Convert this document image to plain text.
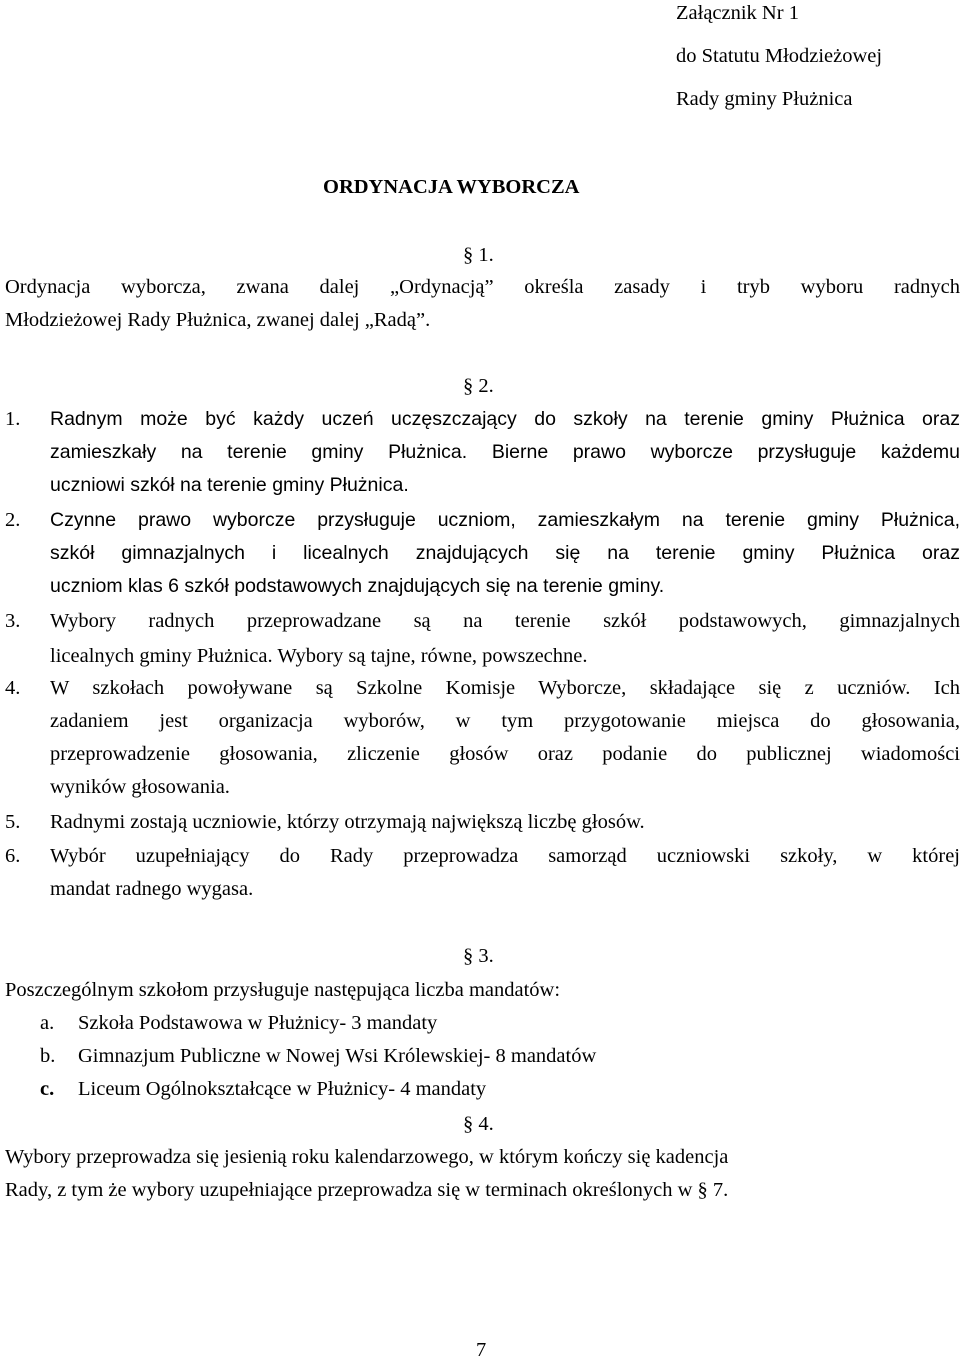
Załącznik Nr 1
do Statutu Młodzieżowej
Rady gminy Płużnica
ORDYNACJA WYBORCZA
§ 1.
Ordynacja wyborcza, zwana dalej „Ordynacją” określa zasady i tryb wyboru radnych
Młodzieżowej Rady Płużnica, zwanej dalej „Radą”.
§ 2.
1. Radnym może być każdy uczeń uczęszczający do szkoły na terenie gminy Płużnica oraz
zamieszkały na terenie gminy Płużnica. Bierne prawo wyborcze przysługuje każdemu
uczniowi szkół na terenie gminy Płużnica.
2. Czynne prawo wyborcze przysługuje uczniom, zamieszkałym na terenie gminy Płużnica,
szkół gimnazjalnych i licealnych znajdujących się na terenie gminy Płużnica oraz
uczniom klas 6 szkół podstawowych znajdujących się na terenie gminy.
3. Wybory radnych przeprowadzane są na terenie szkół podstawowych, gimnazjalnych
licealnych gminy Płużnica. Wybory są tajne, równe, powszechne.
4. W szkołach powoływane są Szkolne Komisje Wyborcze, składające się z uczniów. Ich
zadaniem jest organizacja wyborów, w tym przygotowanie miejsca do głosowania,
przeprowadzenie głosowania, zliczenie głosów oraz podanie do publicznej wiadomości
wyników głosowania.
5. Radnymi zostają uczniowie, którzy otrzymają największą liczbę głosów.
6. Wybór uzupełniający do Rady przeprowadza samorząd uczniowski szkoły, w której
mandat radnego wygasa.
§ 3.
Poszczególnym szkołom przysługuje następująca liczba mandatów:
a. Szkoła Podstawowa w Płużnicy- 3 mandaty
b. Gimnazjum Publiczne w Nowej Wsi Królewskiej- 8 mandatów
c. Liceum Ogólnokształcące w Płużnicy- 4 mandaty
§ 4.
Wybory przeprowadza się jesienią roku kalendarzowego, w którym kończy się kadencja
Rady, z tym że wybory uzupełniające przeprowadza się w terminach określonych w § 7.
7
